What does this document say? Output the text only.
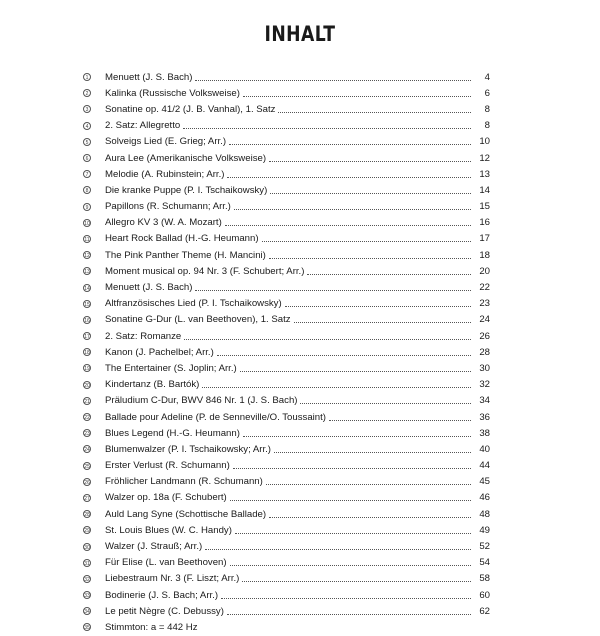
INHALT
1	Menuett (J. S. Bach)	4
2	Kalinka (Russische Volksweise)	6
3	Sonatine op. 41/2 (J. B. Vanhal), 1. Satz	8
4	2. Satz: Allegretto	8
5	Solveigs Lied (E. Grieg; Arr.)	10
6	Aura Lee (Amerikanische Volksweise)	12
7	Melodie (A. Rubinstein; Arr.)	13
8	Die kranke Puppe (P. I. Tschaikowsky)	14
9	Papillons (R. Schumann; Arr.)	15
10	Allegro KV 3 (W. A. Mozart)	16
11	Heart Rock Ballad (H.-G. Heumann)	17
12	The Pink Panther Theme (H. Mancini)	18
13	Moment musical op. 94 Nr. 3 (F. Schubert; Arr.)	20
14	Menuett (J. S. Bach)	22
15	Altfranzösisches Lied (P. I. Tschaikowsky)	23
16	Sonatine G-Dur (L. van Beethoven), 1. Satz	24
17	2. Satz: Romanze	26
18	Kanon (J. Pachelbel; Arr.)	28
19	The Entertainer (S. Joplin; Arr.)	30
20	Kindertanz (B. Bartók)	32
21	Präludium C-Dur, BWV 846 Nr. 1 (J. S. Bach)	34
22	Ballade pour Adeline (P. de Senneville/O. Toussaint)	36
23	Blues Legend (H.-G. Heumann)	38
24	Blumenwalzer (P. I. Tschaikowsky; Arr.)	40
25	Erster Verlust (R. Schumann)	44
26	Fröhlicher Landmann (R. Schumann)	45
27	Walzer op. 18a (F. Schubert)	46
28	Auld Lang Syne (Schottische Ballade)	48
29	St. Louis Blues (W. C. Handy)	49
30	Walzer (J. Strauß; Arr.)	52
31	Für Elise (L. van Beethoven)	54
32	Liebestraum Nr. 3 (F. Liszt; Arr.)	58
33	Bodinerie (J. S. Bach; Arr.)	60
34	Le petit Nègre (C. Debussy)	62
35	Stimmton: a = 442 Hz
